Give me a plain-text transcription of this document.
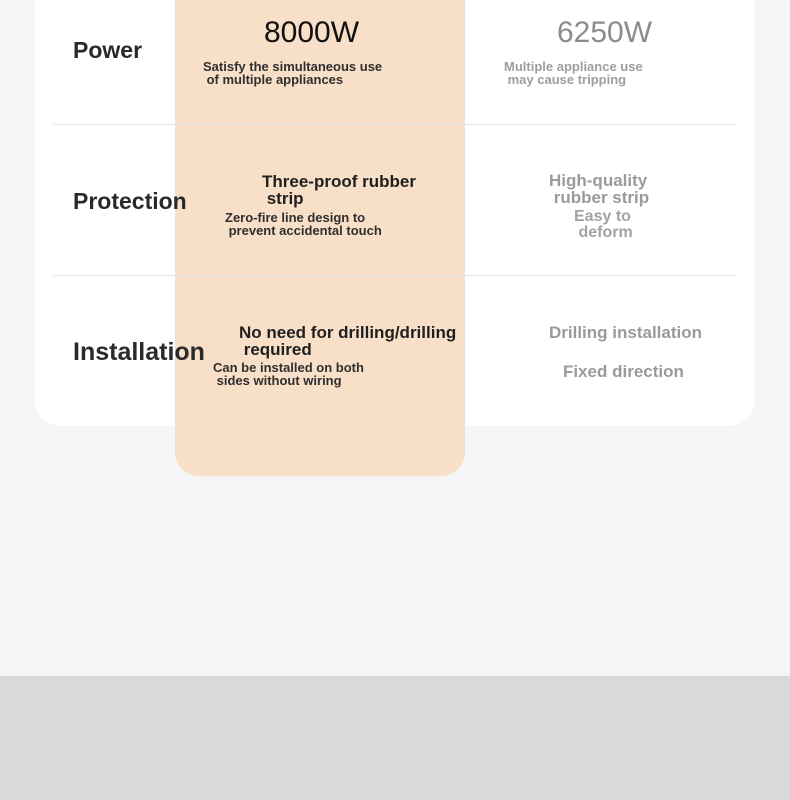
Power
8000W
Satisfy the simultaneous use
of multiple appliances
6250W
Multiple appliance use
may cause tripping
Protection
Three-proof rubber
strip
Zero-fire line design to
prevent accidental touch
High-quality
rubber strip
Easy to
deform
Installation
No need for drilling/drilling
required
Can be installed on both
sides without wiring
Drilling installation
Fixed direction
